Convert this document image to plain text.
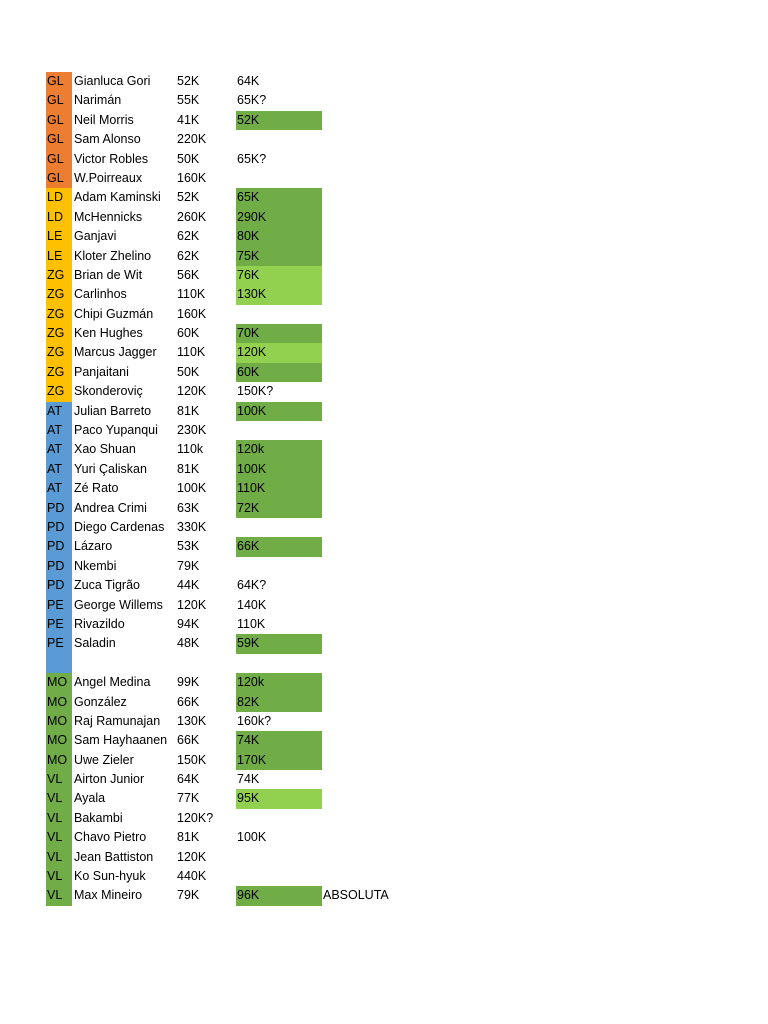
GL Gianluca Gori	52K	64K
GL Narimán	55K	65K?
GL Neil Morris	41K	52K
GL Sam Alonso	220K
GL Victor Robles	50K	65K?
GL W.Poirreaux	160K
LD Adam Kaminski	52K	65K
LD McHennicks	260K	290K
LE Ganjavi	62K	80K
LE Kloter Zhelino	62K	75K
ZG Brian de Wit	56K	76K
ZG Carlinhos	110K	130K
ZG Chipi Guzmán	160K
ZG Ken Hughes	60K	70K
ZG Marcus Jagger	110K	120K
ZG Panjaitani	50K	60K
ZG Skonderoviç	120K	150K?
AT Julian Barreto	81K	100K
AT Paco Yupanqui	230K
AT Xao Shuan	110k	120k
AT Yuri Çaliskan	81K	100K
AT Zé Rato	100K	110K
PD Andrea Crimi	63K	72K
PD Diego Cardenas	330K
PD Lázaro	53K	66K
PD Nkembi	79K
PD Zuca Tigrão	44K	64K?
PE George Willems	120K	140K
PE Rivazildo	94K	110K
PE Saladin	48K	59K
MO Angel Medina	99K	120k
MO González	66K	82K
MO Raj Ramunajan	130K	160k?
MO Sam Hayhaanen 66K	74K
MO Uwe Zieler	150K	170K
VL Airton Junior	64K	74K
VL Ayala	77K	95K
VL Bakambi	120K?
VL Chavo Pietro	81K	100K
VL Jean Battiston	120K
VL Ko Sun-hyuk	440K
VL Max Mineiro	79K	96K	ABSOLUTA
